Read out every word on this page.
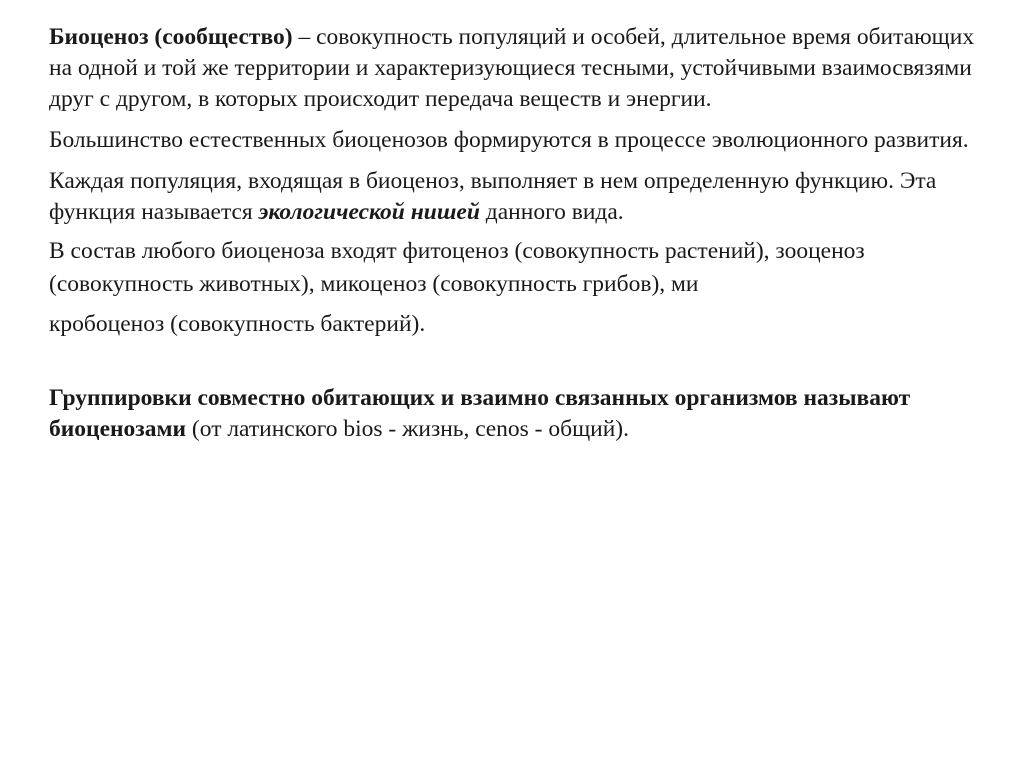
Биоценоз (сообщество) – совокупность популяций и особей, длительное время обитающих на одной и той же территории и характеризующиеся тесными, устойчивыми взаимосвязями друг с другом, в которых происходит передача веществ и энергии.

Большинство естественных биоценозов формируются в процессе эволюционного развития.

Каждая популяция, входящая в биоценоз, выполняет в нем определенную функцию. Эта функция называется экологической нишей данного вида.

В состав любого биоценоза входят фитоценоз (совокупность растений), зооценоз (совокупность животных), микоценоз (совокупность грибов), ми
кробоценоз (совокупность бактерий).

Группировки совместно обитающих и взаимно связанных организмов называют биоценозами (от латинского bios - жизнь, cenos - общий).
